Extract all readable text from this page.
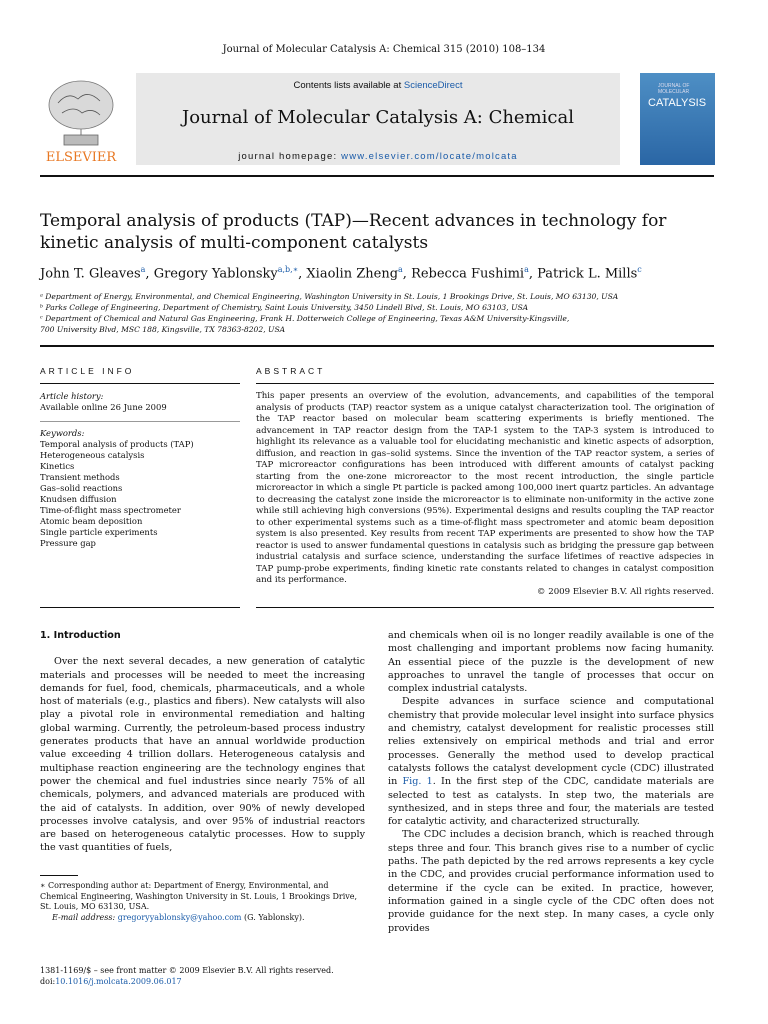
Journal of Molecular Catalysis A: Chemical 315 (2010) 108–134
ELSEVIER
Contents lists available at ScienceDirect
Journal of Molecular Catalysis A: Chemical
journal homepage: www.elsevier.com/locate/molcata
JOURNAL OF MOLECULAR
CATALYSIS
Temporal analysis of products (TAP)—Recent advances in technology for kinetic analysis of multi-component catalysts
John T. Gleaves$^a$, Gregory Yablonsky$^{a,b,∗}$, Xiaolin Zheng$^a$, Rebecca Fushimi$^a$, Patrick L. Mills$^c$
ᵃ Department of Energy, Environmental, and Chemical Engineering, Washington University in St. Louis, 1 Brookings Drive, St. Louis, MO 63130, USA
ᵇ Parks College of Engineering, Department of Chemistry, Saint Louis University, 3450 Lindell Blvd, St. Louis, MO 63103, USA
ᶜ Department of Chemical and Natural Gas Engineering, Frank H. Dotterweich College of Engineering, Texas A&M University-Kingsville,
700 University Blvd, MSC 188, Kingsville, TX 78363-8202, USA
ARTICLE INFO
Article history:
Available online 26 June 2009
Keywords:
Temporal analysis of products (TAP)
Heterogeneous catalysis
Kinetics
Transient methods
Gas–solid reactions
Knudsen diffusion
Time-of-flight mass spectrometer
Atomic beam deposition
Single particle experiments
Pressure gap
ABSTRACT
This paper presents an overview of the evolution, advancements, and capabilities of the temporal analysis of products (TAP) reactor system as a unique catalyst characterization tool. The origination of the TAP reactor based on molecular beam scattering experiments is briefly mentioned. The advancement in TAP reactor design from the TAP-1 system to the TAP-3 system is introduced to highlight its relevance as a valuable tool for elucidating mechanistic and kinetic aspects of adsorption, diffusion, and reaction in gas–solid systems. Since the invention of the TAP reactor system, a series of TAP microreactor configurations has been introduced with different amounts of catalyst packing starting from the one-zone microreactor to the most recent introduction, the single particle microreactor in which a single Pt particle is packed among 100,000 inert quartz particles. An advantage to decreasing the catalyst zone inside the microreactor is to eliminate non-uniformity in the active zone while still achieving high conversions (95%). Experimental designs and results coupling the TAP reactor to other experimental systems such as a time-of-flight mass spectrometer and atomic beam deposition system is also presented. Key results from recent TAP experiments are presented to show how the TAP reactor is used to answer fundamental questions in catalysis such as bridging the pressure gap between industrial catalysis and surface science, understanding the surface lifetimes of reactive adspecies in TAP pump-probe experiments, finding kinetic rate constants related to changes in catalyst composition and its performance.
© 2009 Elsevier B.V. All rights reserved.
1. Introduction

Over the next several decades, a new generation of catalytic materials and processes will be needed to meet the increasing demands for fuel, food, chemicals, pharmaceuticals, and a whole host of materials (e.g., plastics and fibers). New catalysts will also play a pivotal role in environmental remediation and halting global warming. Currently, the petroleum-based process industry generates products that have an annual worldwide production value exceeding 4 trillion dollars. Heterogeneous catalysis and multiphase reaction engineering are the technology engines that power the chemical and fuel industries since nearly 75% of all chemicals, polymers, and advanced materials are produced with the aid of catalysts. In addition, over 90% of newly developed processes involve catalysis, and over 95% of industrial reactors are based on heterogeneous catalytic processes. How to supply the vast quantities of fuels,

and chemicals when oil is no longer readily available is one of the most challenging and important problems now facing humanity. An essential piece of the puzzle is the development of new approaches to unravel the tangle of processes that occur on complex industrial catalysts.

Despite advances in surface science and computational chemistry that provide molecular level insight into surface physics and chemistry, catalyst development for realistic processes still relies extensively on empirical methods and trial and error processes. Generally the method used to develop practical catalysts follows the catalyst development cycle (CDC) illustrated in Fig. 1. In the first step of the CDC, candidate materials are selected to test as catalysts. In step two, the materials are synthesized, and in steps three and four, the materials are tested for catalytic activity, and characterized structurally.

The CDC includes a decision branch, which is reached through steps three and four. This branch gives rise to a number of cyclic paths. The path depicted by the red arrows represents a key cycle in the CDC, and provides crucial performance information used to determine if the cycle can be exited. In practice, however, information gained in a single cycle of the CDC often does not provide guidance for the next step. In many cases, a cycle only provides

∗ Corresponding author at: Department of Energy, Environmental, and Chemical Engineering, Washington University in St. Louis, 1 Brookings Drive, St. Louis, MO 63130, USA.
E-mail address: gregoryyablonsky@yahoo.com (G. Yablonsky).
1381-1169/$ – see front matter © 2009 Elsevier B.V. All rights reserved.
doi:10.1016/j.molcata.2009.06.017
